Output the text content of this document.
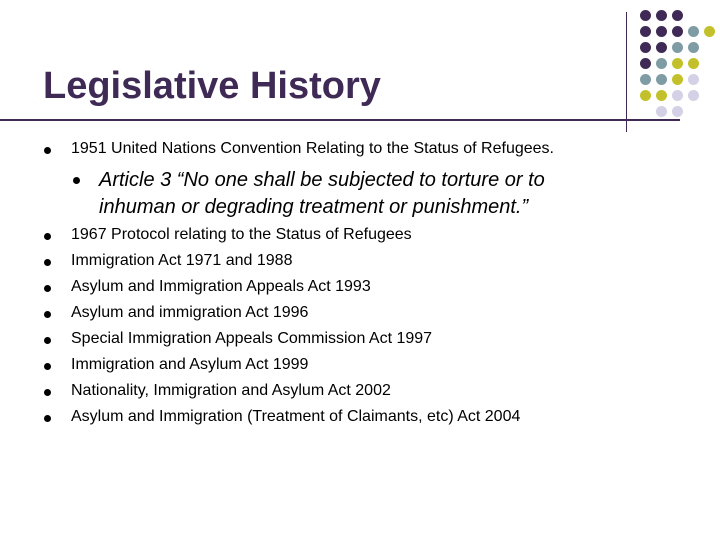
Legislative History
1951 United Nations Convention Relating to the Status of Refugees.
Article 3 “No one shall be subjected to torture or to
inhuman or degrading treatment or punishment.”
1967 Protocol relating to the Status of Refugees
Immigration Act 1971 and 1988
Asylum and Immigration Appeals Act 1993
Asylum and immigration Act 1996
Special Immigration Appeals Commission Act 1997
Immigration and Asylum Act 1999
Nationality, Immigration and Asylum Act 2002
Asylum and Immigration (Treatment of Claimants, etc) Act 2004
